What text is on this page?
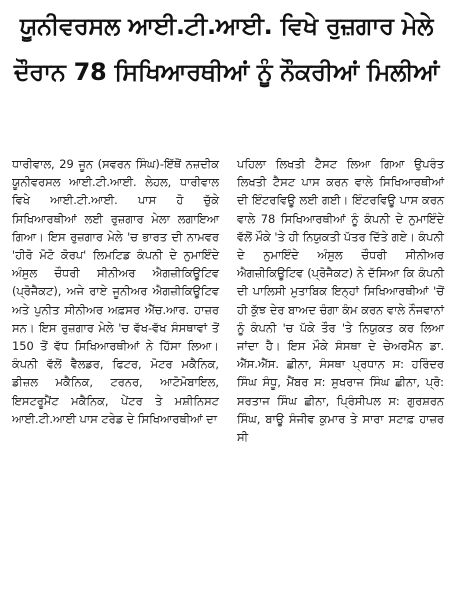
ਯੂਨੀਵਰਸਲ ਆਈ.ਟੀ.ਆਈ. ਵਿਖੇ ਰੁਜ਼ਗਾਰ ਮੇਲੇ
ਦੌਰਾਨ 78 ਸਿਖਿਆਰਥੀਆਂ ਨੂੰ ਨੌਕਰੀਆਂ ਮਿਲੀਆਂ

ਧਾਰੀਵਾਲ, 29 ਜੂਨ (ਸਵਰਨ ਸਿੰਘ)-ਇੱਥੋਂ ਨਜ਼ਦੀਕ ਯੂਨੀਵਰਸਲ ਆਈ.ਟੀ.ਆਈ. ਲੇਹਲ, ਧਾਰੀਵਾਲ ਵਿਖੇ ਆਈ.ਟੀ.ਆਈ. ਪਾਸ ਹੋ ਚੁੱਕੇ ਸਿਖਿਆਰਥੀਆਂ ਲਈ ਰੁਜ਼ਗਾਰ ਮੇਲਾ ਲਗਾਇਆ ਗਿਆ। ਇਸ ਰੁਜ਼ਗਾਰ ਮੇਲੇ 'ਚ ਭਾਰਤ ਦੀ ਨਾਮਵਰ 'ਹੀਰੋ ਮੋਟੋ ਕੋਰਪ' ਲਿਮਟਿਡ ਕੰਪਨੀ ਦੇ ਨੁਮਾਇੰਦੇ ਅੰਸੁਲ ਚੌਧਰੀ ਸੀਨੀਅਰ ਐਗਜ਼ੀਕਿਊਟਿਵ (ਪ੍ਰੋਜੈਕਟ), ਅਜੇ ਰਾਏ ਜੂਨੀਅਰ ਐਗਜ਼ੀਕਿਊਟਿਵ ਅਤੇ ਪੁਨੀਤ ਸੀਨੀਅਰ ਅਫ਼ਸਰ ਐੱਚ.ਆਰ. ਹਾਜ਼ਰ ਸਨ। ਇਸ ਰੁਜ਼ਗਾਰ ਮੇਲੇ 'ਚ ਵੱਖ-ਵੱਖ ਸੰਸਥਾਵਾਂ ਤੋਂ 150 ਤੋਂ ਵੱਧ ਸਿਖਿਆਰਥੀਆਂ ਨੇ ਹਿੱਸਾ ਲਿਆ। ਕੰਪਨੀ ਵੱਲੋਂ ਵੈਲਡਰ, ਫਿਟਰ, ਮੋਟਰ ਮਕੈਨਿਕ, ਡੀਜ਼ਲ ਮਕੈਨਿਕ, ਟਰਨਰ, ਆਟੋਮੋਬਾਇਲ, ਇਸਟਰੂਮੈਂਟ ਮਕੈਨਿਕ, ਪੇਂਟਰ ਤੇ ਮਸ਼ੀਨਿਸਟ ਆਈ.ਟੀ.ਆਈ ਪਾਸ ਟਰੇਡ ਦੇ ਸਿਖਿਆਰਥੀਆਂ ਦਾ

ਪਹਿਲਾ ਲਿਖਤੀ ਟੈਸਟ ਲਿਆ ਗਿਆ ਉਪਰੰਤ ਲਿਖਤੀ ਟੈਸਟ ਪਾਸ ਕਰਨ ਵਾਲੇ ਸਿਖਿਆਰਥੀਆਂ ਦੀ ਇੰਟਰਵਿਊ ਲਈ ਗਈ। ਇੰਟਰਵਿਊ ਪਾਸ ਕਰਨ ਵਾਲੇ 78 ਸਿਖਿਆਰਥੀਆਂ ਨੂੰ ਕੰਪਨੀ ਦੇ ਨੁਮਾਇੰਦੇ ਵੱਲੋਂ ਮੌਕੇ 'ਤੇ ਹੀ ਨਿਯੁਕਤੀ ਪੱਤਰ ਦਿੱਤੇ ਗਏ। ਕੰਪਨੀ ਦੇ ਨੁਮਾਇੰਦੇ ਅੰਸੁਲ ਚੌਧਰੀ ਸੀਨੀਅਰ ਐਗਜ਼ੀਕਿਊਟਿਵ (ਪ੍ਰੋਜੈਕਟ) ਨੇ ਦੱਸਿਆ ਕਿ ਕੰਪਨੀ ਦੀ ਪਾਲਿਸੀ ਮੁਤਾਬਿਕ ਇਨ੍ਹਾਂ ਸਿਖਿਆਰਥੀਆਂ 'ਚੋਂ ਹੀ ਕੁੱਝ ਦੇਰ ਬਾਅਦ ਚੰਗਾ ਕੰਮ ਕਰਨ ਵਾਲੇ ਨੌਜਵਾਨਾਂ ਨੂੰ ਕੰਪਨੀ 'ਚ ਪੱਕੇ ਤੌਰ 'ਤੇ ਨਿਯੁਕਤ ਕਰ ਲਿਆ ਜਾਂਦਾ ਹੈ। ਇਸ ਮੌਕੇ ਸੰਸਥਾ ਦੇ ਚੇਅਰਮੈਨ ਡਾ. ਐੱਸ.ਐੱਸ. ਛੀਨਾ, ਸੰਸਥਾ ਪ੍ਰਧਾਨ ਸ: ਹਰਿੰਦਰ ਸਿੰਘ ਸੰਧੂ, ਮੈਂਬਰ ਸ: ਸੁਖਰਾਜ ਸਿੰਘ ਛੀਨਾ, ਪ੍ਰੋ: ਸਰਤਾਜ ਸਿੰਘ ਛੀਨਾ, ਪ੍ਰਿੰਸੀਪਲ ਸ: ਗੁਰਸ਼ਰਨ ਸਿੰਘ, ਬਾਊ ਸੰਜੀਵ ਕੁਮਾਰ ਤੇ ਸਾਰਾ ਸਟਾਫ਼ ਹਾਜ਼ਰ ਸੀ
